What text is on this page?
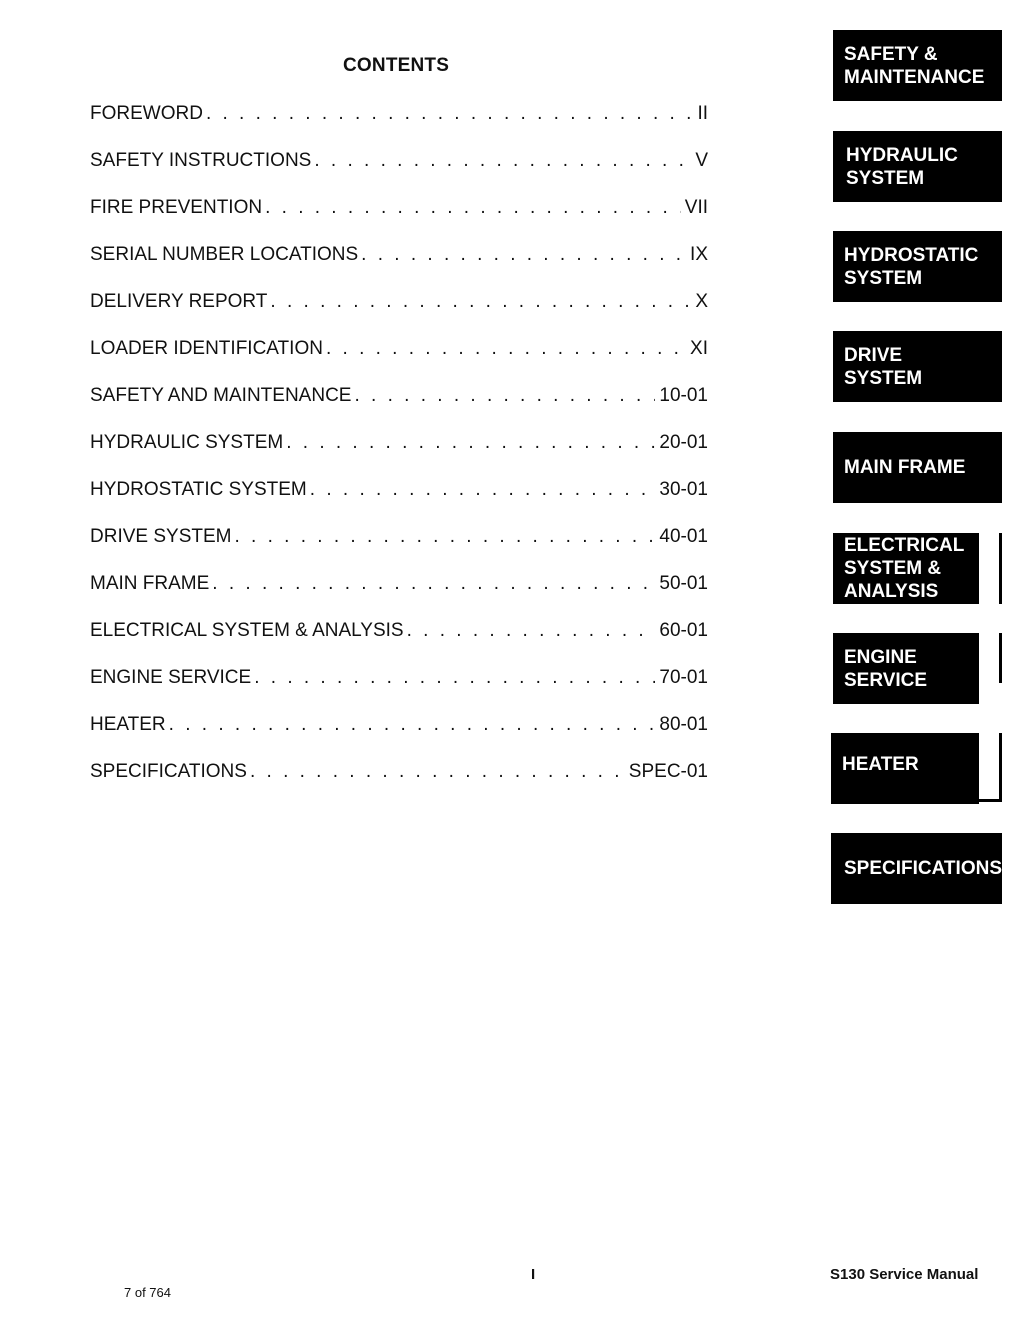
CONTENTS
FOREWORD . . .	II
SAFETY INSTRUCTIONS . . .	V
FIRE PREVENTION . . .	VII
SERIAL NUMBER LOCATIONS . . .	IX
DELIVERY REPORT . . .	X
LOADER IDENTIFICATION . . .	XI
SAFETY AND MAINTENANCE . . .	10-01
HYDRAULIC SYSTEM . . .	20-01
HYDROSTATIC SYSTEM . . .	30-01
DRIVE SYSTEM . . .	40-01
MAIN FRAME . . .	50-01
ELECTRICAL SYSTEM & ANALYSIS . . .	60-01
ENGINE SERVICE . . .	70-01
HEATER . . .	80-01
SPECIFICATIONS . . .	SPEC-01
SAFETY &
MAINTENANCE
HYDRAULIC
SYSTEM
HYDROSTATIC
SYSTEM
DRIVE
SYSTEM
MAIN FRAME
ELECTRICAL
SYSTEM &
ANALYSIS
ENGINE
SERVICE
HEATER
SPECIFICATIONS
I	S130 Service Manual
7 of 764
